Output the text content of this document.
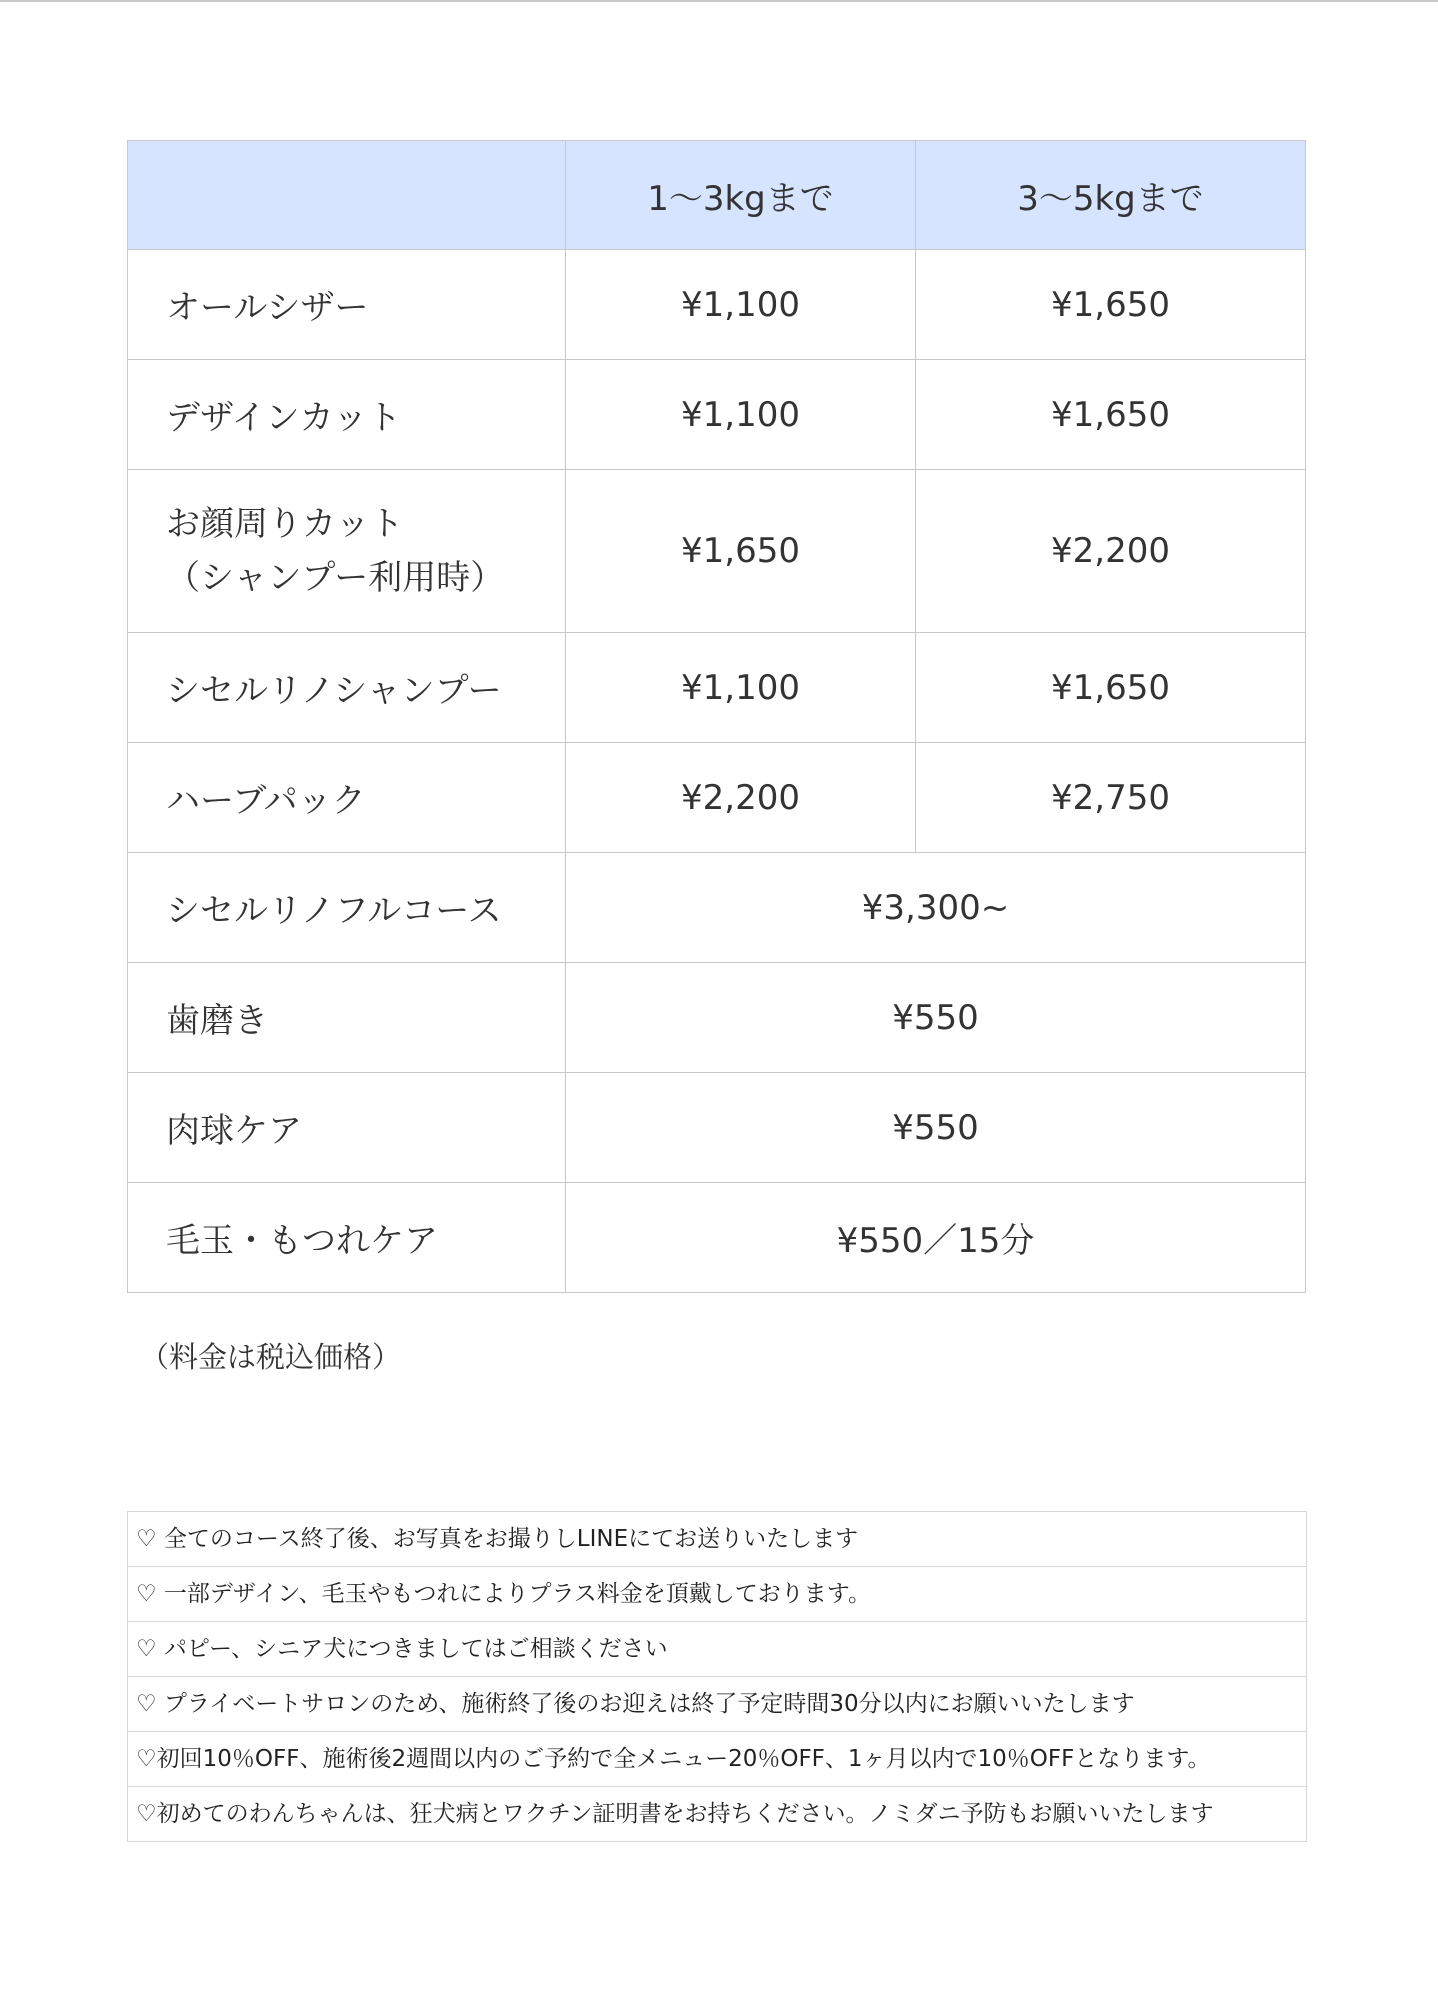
	1〜3kgまで	3〜5kgまで
オールシザー	¥1,100	¥1,650
デザインカット	¥1,100	¥1,650

お顔周りカット
（シャンプー利用時）	¥1,650	¥2,200
シセルリノシャンプー	¥1,100	¥1,650
ハーブパック	¥2,200	¥2,750
シセルリノフルコース	¥3,300~	
歯磨き	¥550	
肉球ケア	¥550	
毛玉・もつれケア	¥550／15分	
（料金は税込価格）
♡ 全てのコース終了後、お写真をお撮りしLINEにてお送りいたします
♡ 一部デザイン、毛玉やもつれによりプラス料金を頂戴しております。
♡ パピー、シニア犬につきましてはご相談ください
♡ プライベートサロンのため、施術終了後のお迎えは終了予定時間30分以内にお願いいたします
♡初回10％OFF、施術後2週間以内のご予約で全メニュー20％OFF、1ヶ月以内で10％OFFとなります。
♡初めてのわんちゃんは、狂犬病とワクチン証明書をお持ちください。ノミダニ予防もお願いいたします
